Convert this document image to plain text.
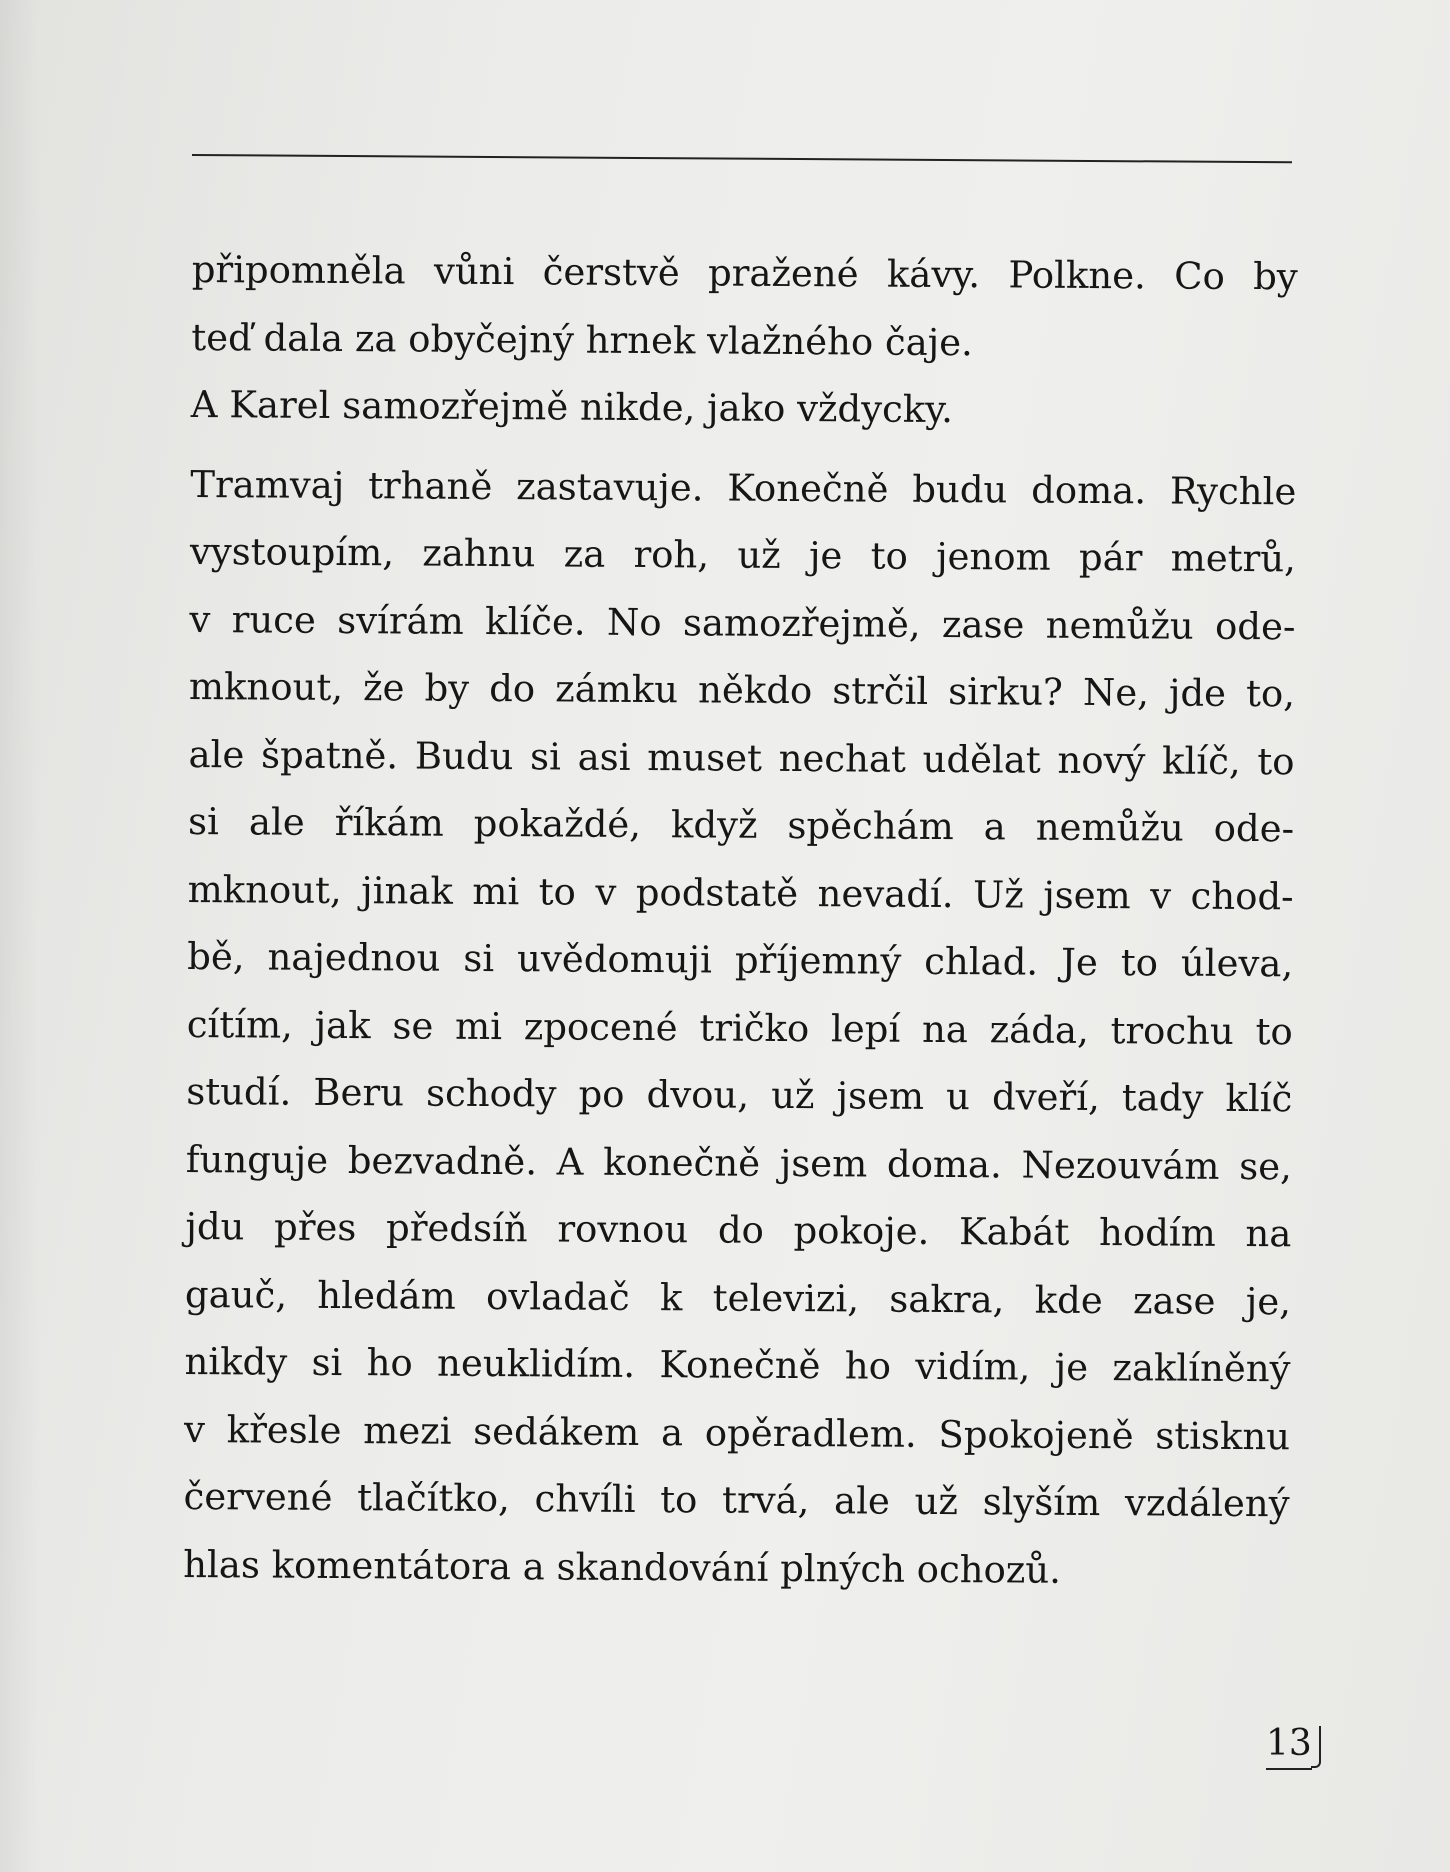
připomněla vůni čerstvě pražené kávy. Polkne. Co by
teď dala za obyčejný hrnek vlažného čaje.
A Karel samozřejmě nikde, jako vždycky.

Tramvaj trhaně zastavuje. Konečně budu doma. Rychle
vystoupím, zahnu za roh, už je to jenom pár metrů,
v ruce svírám klíče. No samozřejmě, zase nemůžu ode-
mknout, že by do zámku někdo strčil sirku? Ne, jde to,
ale špatně. Budu si asi muset nechat udělat nový klíč, to
si ale říkám pokaždé, když spěchám a nemůžu ode-
mknout, jinak mi to v podstatě nevadí. Už jsem v chod-
bě, najednou si uvědomuji příjemný chlad. Je to úleva,
cítím, jak se mi zpocené tričko lepí na záda, trochu to
studí. Beru schody po dvou, už jsem u dveří, tady klíč
funguje bezvadně. A konečně jsem doma. Nezouvám se,
jdu přes předsíň rovnou do pokoje. Kabát hodím na
gauč, hledám ovladač k televizi, sakra, kde zase je,
nikdy si ho neuklidím. Konečně ho vidím, je zaklíněný
v křesle mezi sedákem a opěradlem. Spokojeně stisknu
červené tlačítko, chvíli to trvá, ale už slyším vzdálený
hlas komentátora a skandování plných ochozů.

13
